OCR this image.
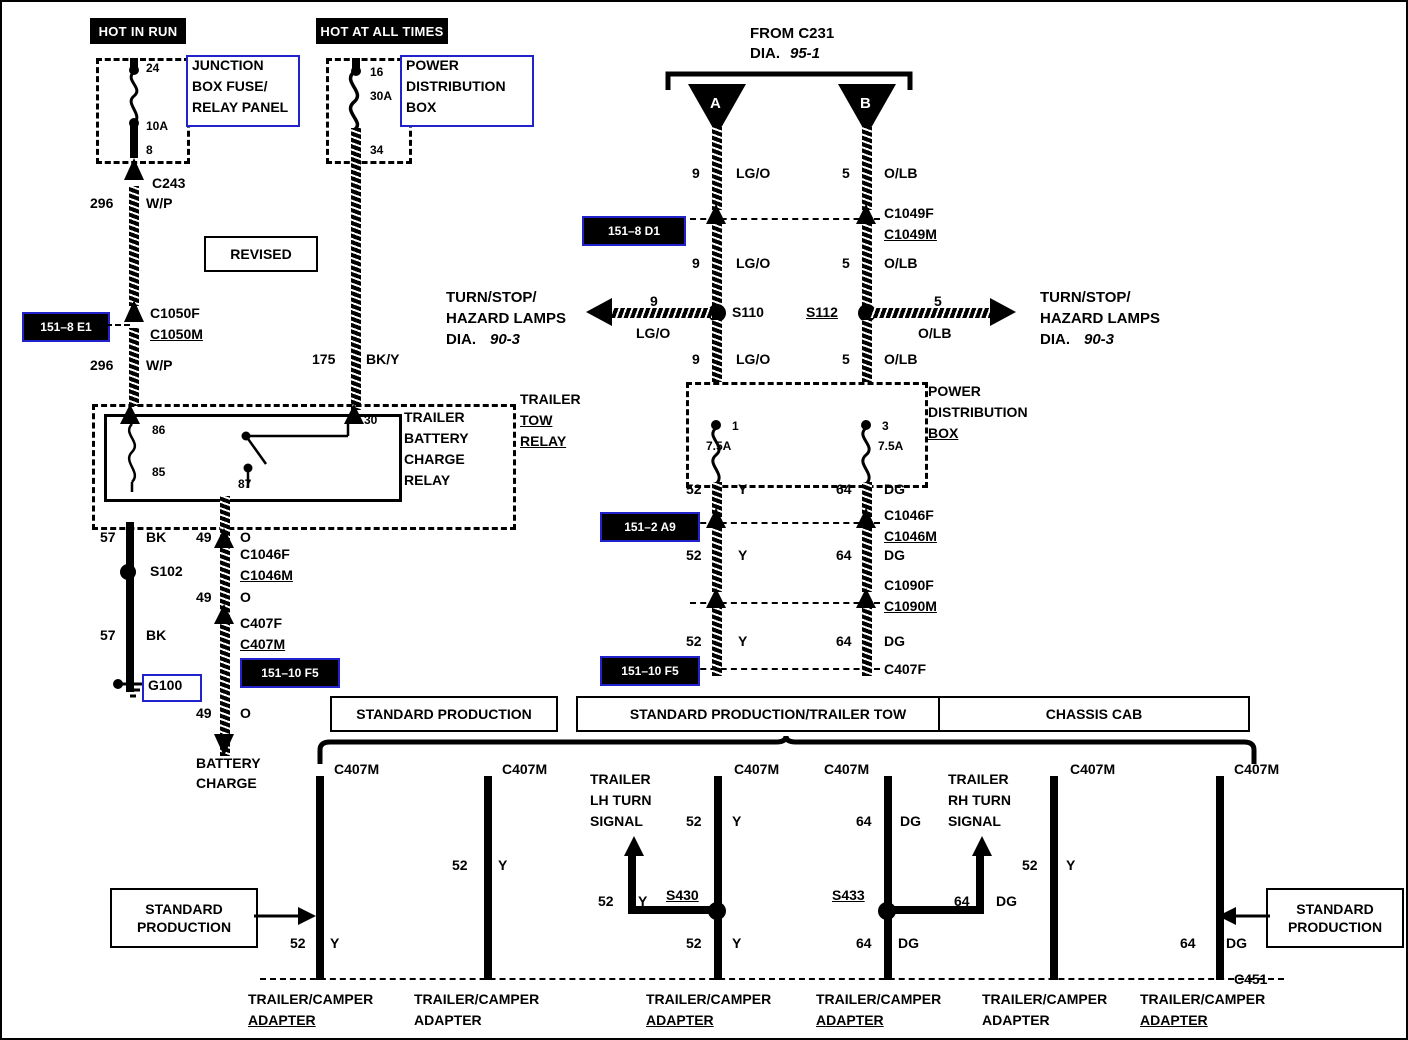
HOT IN RUN	HOT AT ALL TIMES
JUNCTION
BOX FUSE/
RELAY PANEL
24
10A
8
C243
296 W/P
REVISED
C1050F
C1050M
151–8 E1
296 W/P
POWER
DISTRIBUTION
BOX
16
30A
34
175 BK/Y
86
85
30
87
TRAILER
BATTERY
CHARGE
RELAY
TRAILER
TOW
RELAY
57 BK
S102
57 BK
G100
49 O
C1046F
C1046M
49 O
C407F
C407M
151–10 F5
49 O
BATTERY
CHARGE
FROM C231
DIA. 95-1
A	B
9	LG/O
9	LG/O
C1049F
C1049M
151–8 D1
5 O/LB
5 O/LB
S110	S112
TURN/STOP/
HAZARD LAMPS
DIA. 90-3
9
LG/O
TURN/STOP/
HAZARD LAMPS
DIA. 90-3
5
O/LB
9	LG/O	5 O/LB
POWER
DISTRIBUTION
BOX
1
7.5A
3
7.5A
52	Y
C1046F
C1046M
151–2 A9
52	Y
C1090F
C1090M
52	Y
64 DG
64 DG
64 DG
C407F
151–10 F5
STANDARD PRODUCTION	STANDARD PRODUCTION/TRAILER TOW	CHASSIS CAB
C407M
52 Y
TRAILER/CAMPER
ADAPTER
STANDARD
PRODUCTION
C407M
52 Y
TRAILER/CAMPER
ADAPTER
C407M
52 Y
TRAILER
LH TURN
SIGNAL
52 Y S430
52 Y
TRAILER/CAMPER
ADAPTER
C407M
64 DG
TRAILER
RH TURN
SIGNAL
S433	64 DG
64 DG
TRAILER/CAMPER
ADAPTER
C407M
52 Y
TRAILER/CAMPER
ADAPTER
C407M
64 DG
C451
TRAILER/CAMPER
ADAPTER
STANDARD
PRODUCTION
